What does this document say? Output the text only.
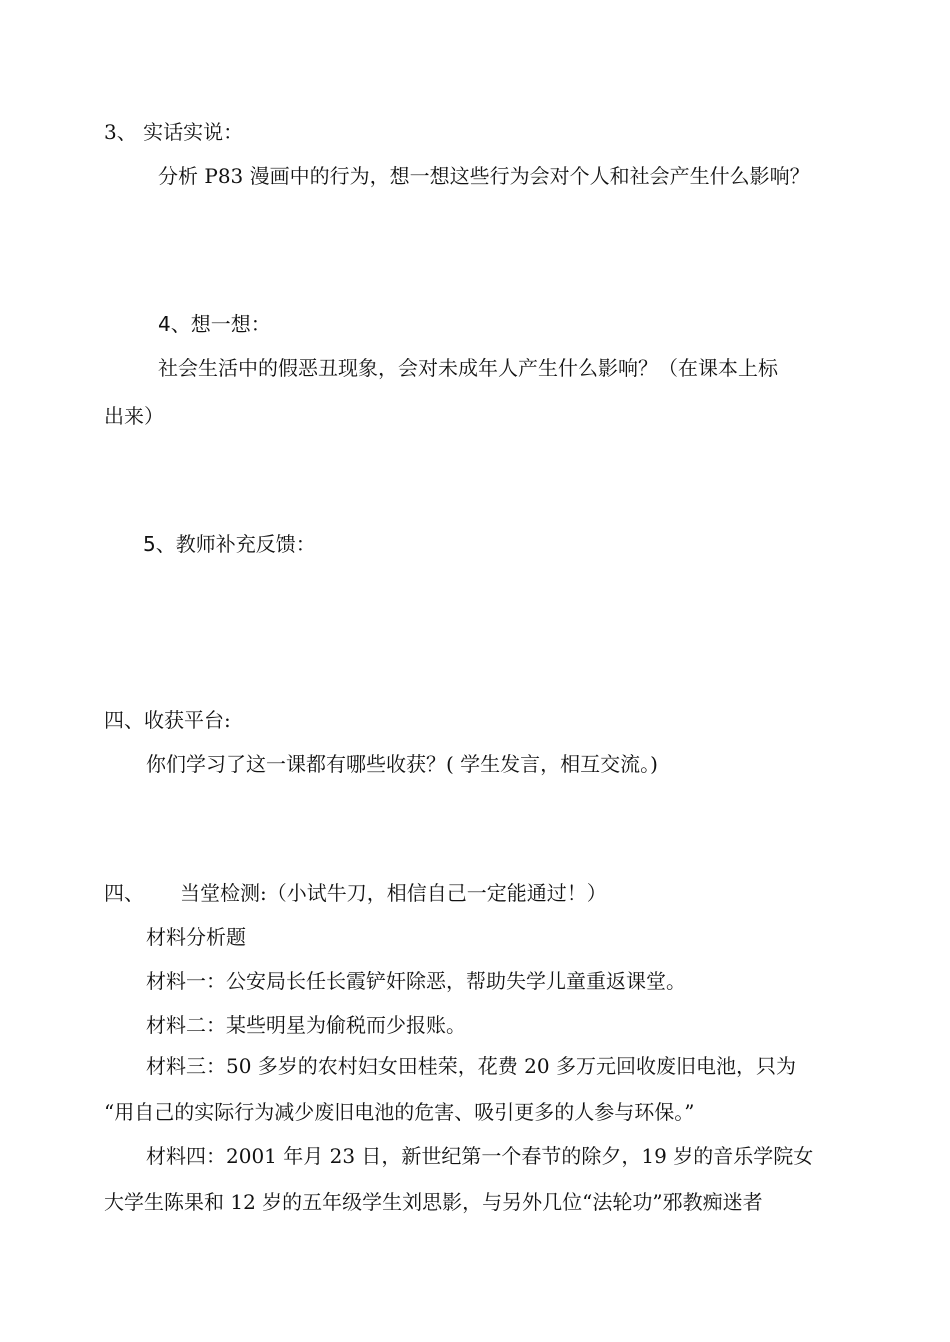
3、 实话实说：
分析 P83 漫画中的行为，想一想这些行为会对个人和社会产生什么影响？
4、想一想：
社会生活中的假恶丑现象，会对未成年人产生什么影响？（在课本上标
出来）
5、教师补充反馈：
四、收获平台:
你们学习了这一课都有哪些收获？( 学生发言，相互交流。)
四、 当堂检测:（小试牛刀，相信自己一定能通过！）
材料分析题
材料一：公安局长任长霞铲奸除恶，帮助失学儿童重返课堂。
材料二：某些明星为偷税而少报账。
材料三：50 多岁的农村妇女田桂荣，花费 20 多万元回收废旧电池，只为
“用自己的实际行为减少废旧电池的危害、吸引更多的人参与环保。”
材料四：2001 年月 23 日，新世纪第一个春节的除夕，19 岁的音乐学院女
大学生陈果和 12 岁的五年级学生刘思影，与另外几位“法轮功”邪教痴迷者
